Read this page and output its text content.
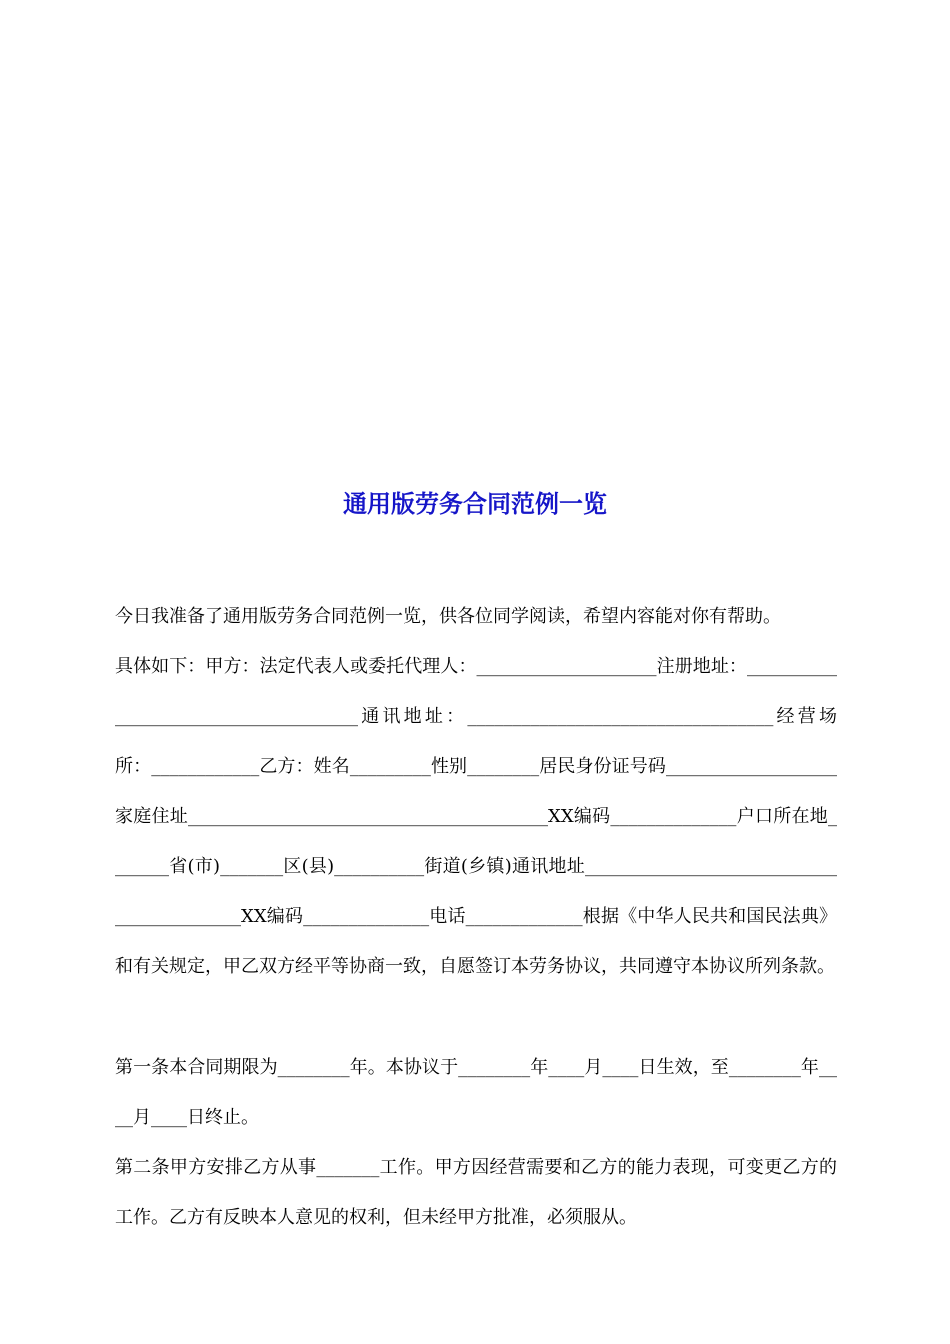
通用版劳务合同范例一览

今日我准备了通用版劳务合同范例一览，供各位同学阅读，希望内容能对你有帮助。

具体如下：甲方：法定代表人或委托代理人：____________________注册地址：_____________________________________通讯地址：__________________________________经营场所：____________乙方：姓名_________性别________居民身份证号码___________________家庭住址________________________________________XX编码______________户口所在地_______省(市)_______区(县)__________街道(乡镇)通讯地址__________________________________________XX编码______________电话_____________根据《中华人民共和国民法典》和有关规定，甲乙双方经平等协商一致，自愿签订本劳务协议，共同遵守本协议所列条款。

第一条本合同期限为________年。本协议于________年____月____日生效，至________年____月____日终止。

第二条甲方安排乙方从事_______工作。甲方因经营需要和乙方的能力表现，可变更乙方的工作。乙方有反映本人意见的权利，但未经甲方批准，必须服从。
